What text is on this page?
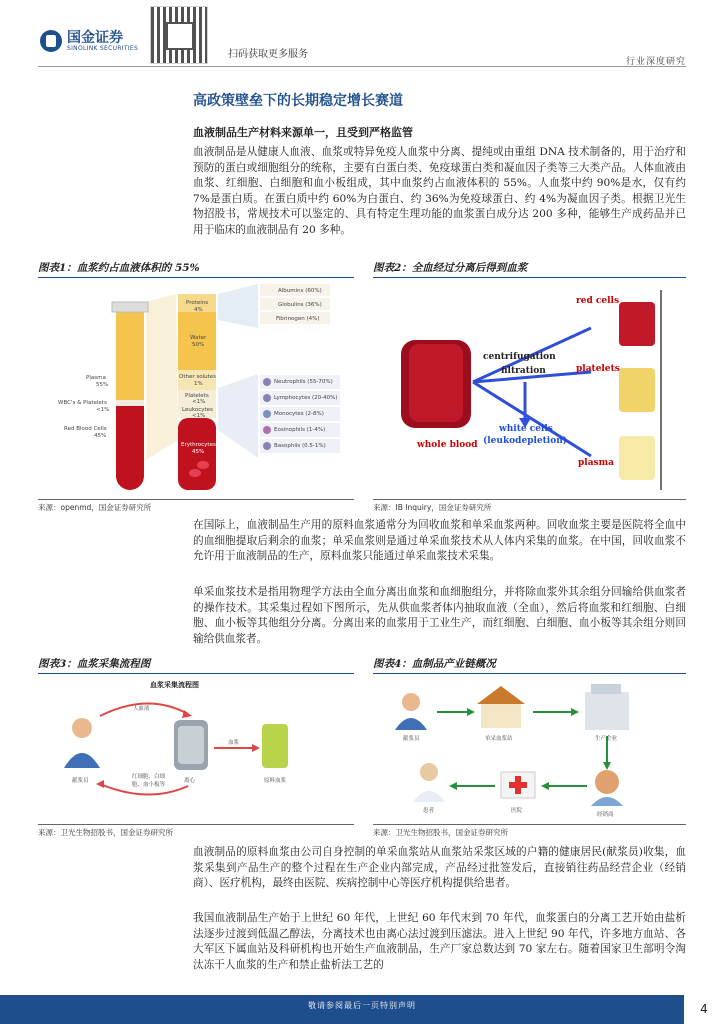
国金证券
SINOLINK SECURITIES
扫码获取更多服务
行业深度研究
高政策壁垒下的长期稳定增长赛道
血液制品生产材料来源单一，且受到严格监管
血液制品是从健康人血液、血浆或特异免疫人血浆中分离、提纯或由重组 DNA 技术制备的，用于治疗和预防的蛋白或细胞组分的统称，主要有白蛋白类、免疫球蛋白类和凝血因子类等三大类产品。人体血液由血浆、红细胞、白细胞和血小板组成，其中血浆约占血液体积的 55%。人血浆中约 90%是水，仅有约 7%是蛋白质。在蛋白质中约 60%为白蛋白、约 36%为免疫球蛋白、约 4%为凝血因子类。根据卫光生物招股书，常规技术可以鉴定的、具有特定生理功能的血浆蛋白成分达 200 多种，能够生产成药品并已用于临床的血液制品有 20 多种。
图表1：血浆约占血液体积的 55%	图表2：全血经过分离后得到血浆
Plasma
55%
WBC's & Platelets
<1%
Red Blood Cells
45%
Proteins
4%
Water
50%
Other solutes
1%
Platelets
<1%
Leukocytes
<1%
Erythrocytes
45%
Albumins (60%)
Globulins (36%)
Fibrinogen (4%)
Neutrophils (55-70%)
Lymphocytes (20-40%)
Monocytes (2-8%)
Eosinophils (1-4%)
Basophils (0.5-1%)
red cells
platelets
plasma
centrifugation
filtration
white cells
(leukodepletion)
whole blood
来源：openmd，国金证券研究所	来源：IB Inquiry，国金证券研究所
在国际上，血液制品生产用的原料血浆通常分为回收血浆和单采血浆两种。回收血浆主要是医院将全血中的血细胞提取后剩余的血浆；单采血浆则是通过单采血浆技术从人体内采集的血浆。在中国，回收血浆不允许用于血液制品的生产，原料血浆只能通过单采血浆技术采集。
单采血浆技术是指用物理学方法由全血分离出血浆和血细胞组分，并将除血浆外其余组分回输给供血浆者的操作技术。其采集过程如下图所示，先从供血浆者体内抽取血液（全血），然后将血浆和红细胞、白细胞、血小板等其他组分分离。分离出来的血浆用于工业生产，而红细胞、白细胞、血小板等其余组分则回输给供血浆者。
图表3：血浆采集流程图	图表4：血制品产业链概况
血浆采集流程图
人血液
献浆员
红细胞、白细胞、血小板等
离心
血浆
原料血浆
献浆员	单采血浆站	生产企业
患者	医院
经销商
来源：卫光生物招股书，国金证券研究所	来源：卫光生物招股书，国金证券研究所
血液制品的原料血浆由公司自身控制的单采血浆站从血浆站采浆区域的户籍的健康居民(献浆员)收集，血浆采集到产品生产的整个过程在生产企业内部完成，产品经过批签发后，直接销往药品经营企业（经销商）、医疗机构，最终由医院、疾病控制中心等医疗机构提供给患者。
我国血液制品生产始于上世纪 60 年代，上世纪 60 年代末到 70 年代，血浆蛋白的分离工艺开始由盐析法逐步过渡到低温乙醇法，分离技术也由离心法过渡到压滤法。进入上世纪 90 年代，许多地方血站、各大军区下属血站及科研机构也开始生产血液制品，生产厂家总数达到 70 家左右。随着国家卫生部明令淘汰冻干人血浆的生产和禁止盐析法工艺的
敬请参阅最后一页特别声明	4
